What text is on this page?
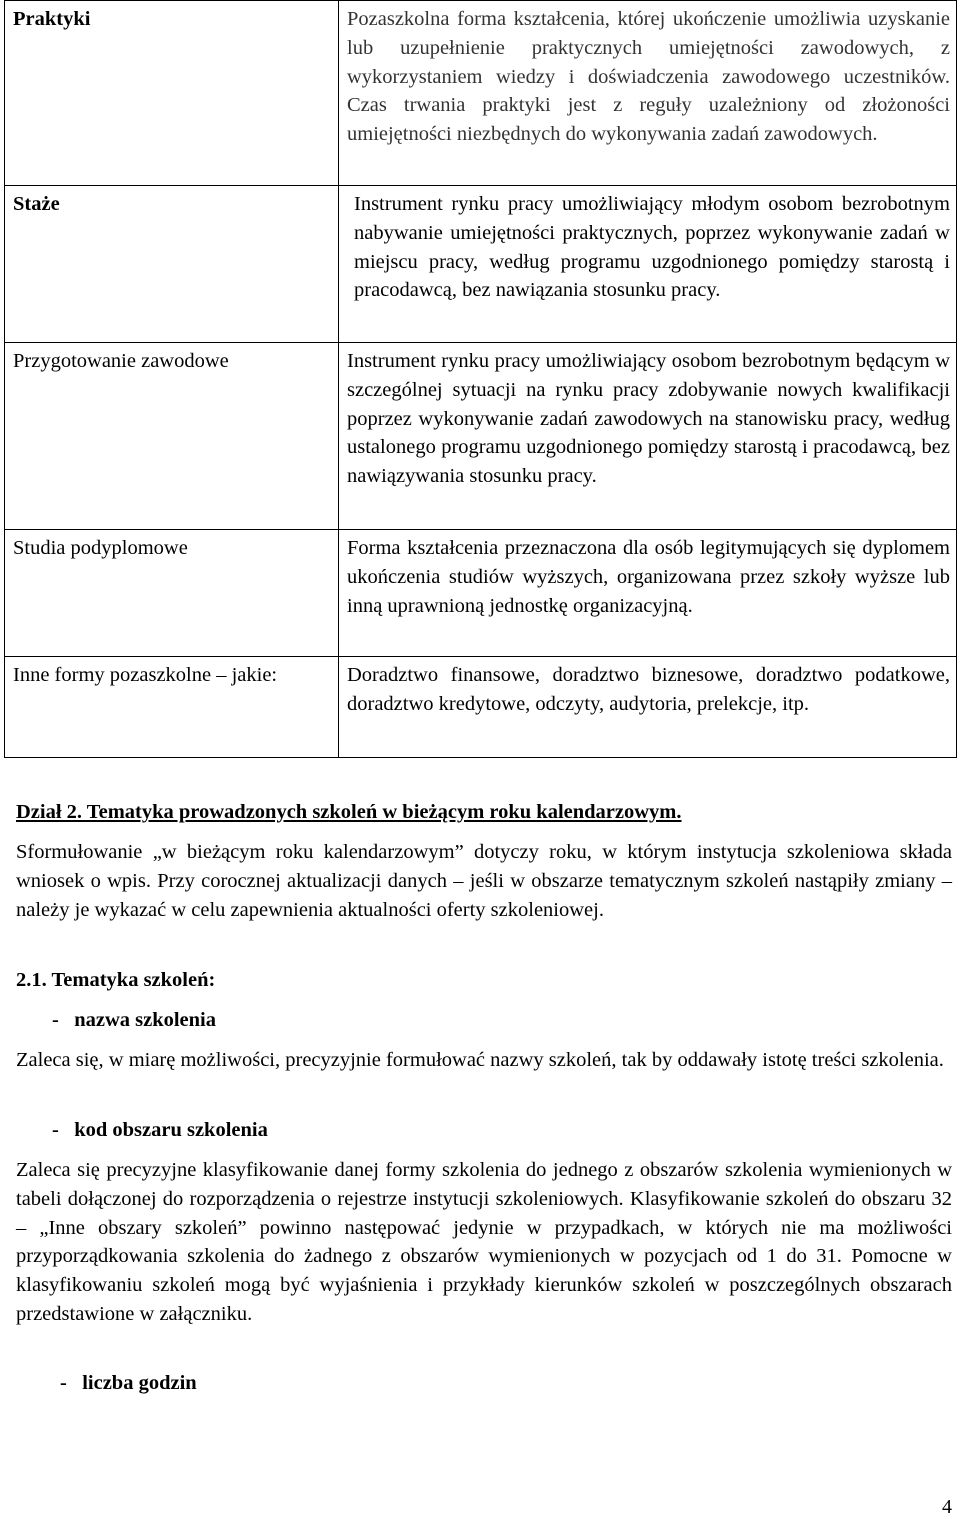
Praktyki	Pozaszkolna forma kształcenia, której ukończenie umożliwia uzyskanie lub uzupełnienie praktycznych umiejętności zawodowych, z wykorzystaniem wiedzy i doświadczenia zawodowego uczestników. Czas trwania praktyki jest z reguły uzależniony od złożoności umiejętności niezbędnych do wykonywania zadań zawodowych.
Staże	Instrument rynku pracy umożliwiający młodym osobom bezrobotnym nabywanie umiejętności praktycznych, poprzez wykonywanie zadań w miejscu pracy, według programu uzgodnionego pomiędzy starostą i pracodawcą, bez nawiązania stosunku pracy.
Przygotowanie zawodowe	Instrument rynku pracy umożliwiający osobom bezrobotnym będącym w szczególnej sytuacji na rynku pracy zdobywanie nowych kwalifikacji poprzez wykonywanie zadań zawodowych na stanowisku pracy, według ustalonego programu uzgodnionego pomiędzy starostą i pracodawcą, bez nawiązywania stosunku pracy.
Studia podyplomowe	Forma kształcenia przeznaczona dla osób legitymujących się dyplomem ukończenia studiów wyższych, organizowana przez szkoły wyższe lub inną uprawnioną jednostkę organizacyjną.
Inne formy pozaszkolne – jakie:	Doradztwo finansowe, doradztwo biznesowe, doradztwo podatkowe, doradztwo kredytowe, odczyty, audytoria, prelekcje, itp.
Dział 2. Tematyka prowadzonych szkoleń w bieżącym roku kalendarzowym.
Sformułowanie „w bieżącym roku kalendarzowym” dotyczy roku, w którym instytucja szkoleniowa składa wniosek o wpis. Przy corocznej aktualizacji danych – jeśli w obszarze tematycznym szkoleń nastąpiły zmiany – należy je wykazać w celu zapewnienia aktualności oferty szkoleniowej.
2.1. Tematyka szkoleń:
-   nazwa szkolenia
Zaleca się, w miarę możliwości, precyzyjnie formułować nazwy szkoleń, tak by oddawały istotę treści szkolenia.
-   kod obszaru szkolenia
Zaleca się precyzyjne klasyfikowanie danej formy szkolenia do jednego z obszarów szkolenia wymienionych w tabeli dołączonej do rozporządzenia o rejestrze instytucji szkoleniowych. Klasyfikowanie szkoleń do obszaru 32 – „Inne obszary szkoleń” powinno następować jedynie w przypadkach, w których nie ma możliwości przyporządkowania szkolenia do żadnego z obszarów wymienionych w pozycjach od 1 do 31. Pomocne w klasyfikowaniu szkoleń mogą być wyjaśnienia i przykłady kierunków szkoleń w poszczególnych obszarach przedstawione w załączniku.
-   liczba godzin
4
